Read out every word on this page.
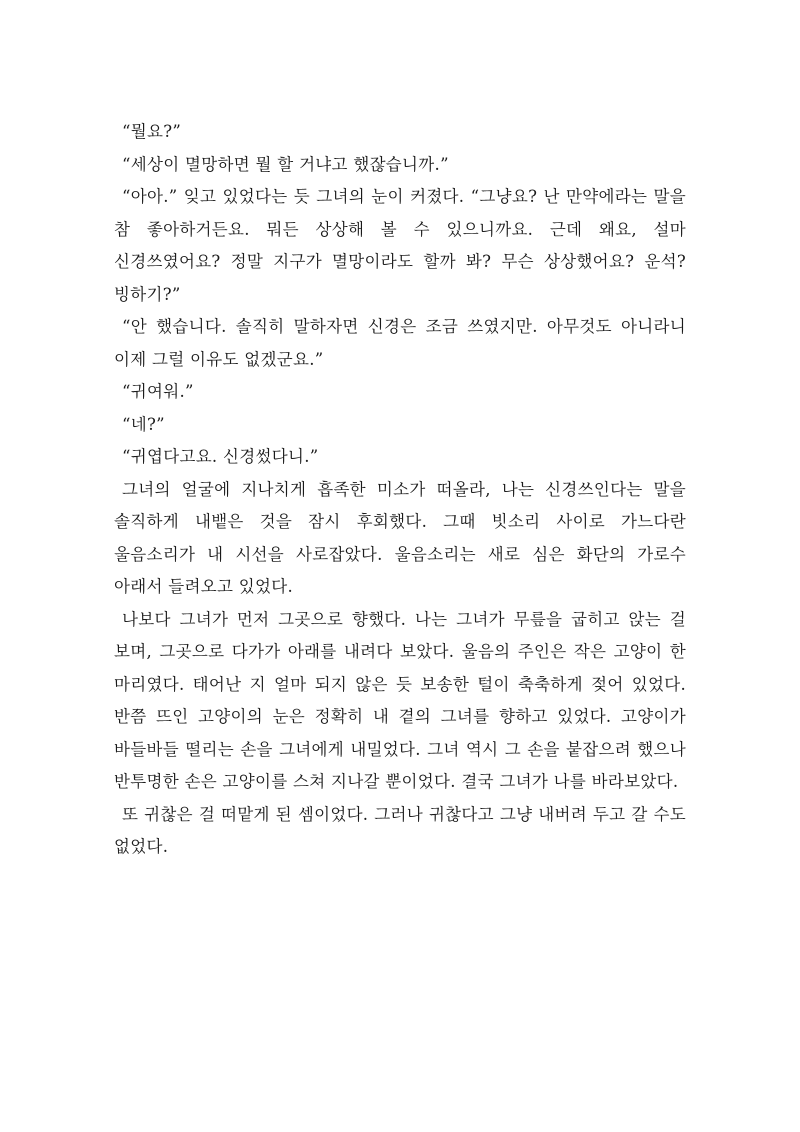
“뭘요?”

“세상이 멸망하면 뭘 할 거냐고 했잖습니까.”

“아아.” 잊고 있었다는 듯 그녀의 눈이 커졌다. “그냥요? 난 만약에라는 말을 참 좋아하거든요. 뭐든 상상해 볼 수 있으니까요. 근데 왜요, 설마 신경쓰였어요? 정말 지구가 멸망이라도 할까 봐? 무슨 상상했어요? 운석? 빙하기?”

“안 했습니다. 솔직히 말하자면 신경은 조금 쓰였지만. 아무것도 아니라니 이제 그럴 이유도 없겠군요.”

“귀여워.”

“네?”

“귀엽다고요. 신경썼다니.”

그녀의 얼굴에 지나치게 흡족한 미소가 떠올라, 나는 신경쓰인다는 말을 솔직하게 내뱉은 것을 잠시 후회했다. 그때 빗소리 사이로 가느다란 울음소리가 내 시선을 사로잡았다. 울음소리는 새로 심은 화단의 가로수 아래서 들려오고 있었다.

나보다 그녀가 먼저 그곳으로 향했다. 나는 그녀가 무릎을 굽히고 앉는 걸 보며, 그곳으로 다가가 아래를 내려다 보았다. 울음의 주인은 작은 고양이 한 마리였다. 태어난 지 얼마 되지 않은 듯 보송한 털이 축축하게 젖어 있었다. 반쯤 뜨인 고양이의 눈은 정확히 내 곁의 그녀를 향하고 있었다. 고양이가 바들바들 떨리는 손을 그녀에게 내밀었다. 그녀 역시 그 손을 붙잡으려 했으나 반투명한 손은 고양이를 스쳐 지나갈 뿐이었다. 결국 그녀가 나를 바라보았다.

또 귀찮은 걸 떠맡게 된 셈이었다. 그러나 귀찮다고 그냥 내버려 두고 갈 수도 없었다.
